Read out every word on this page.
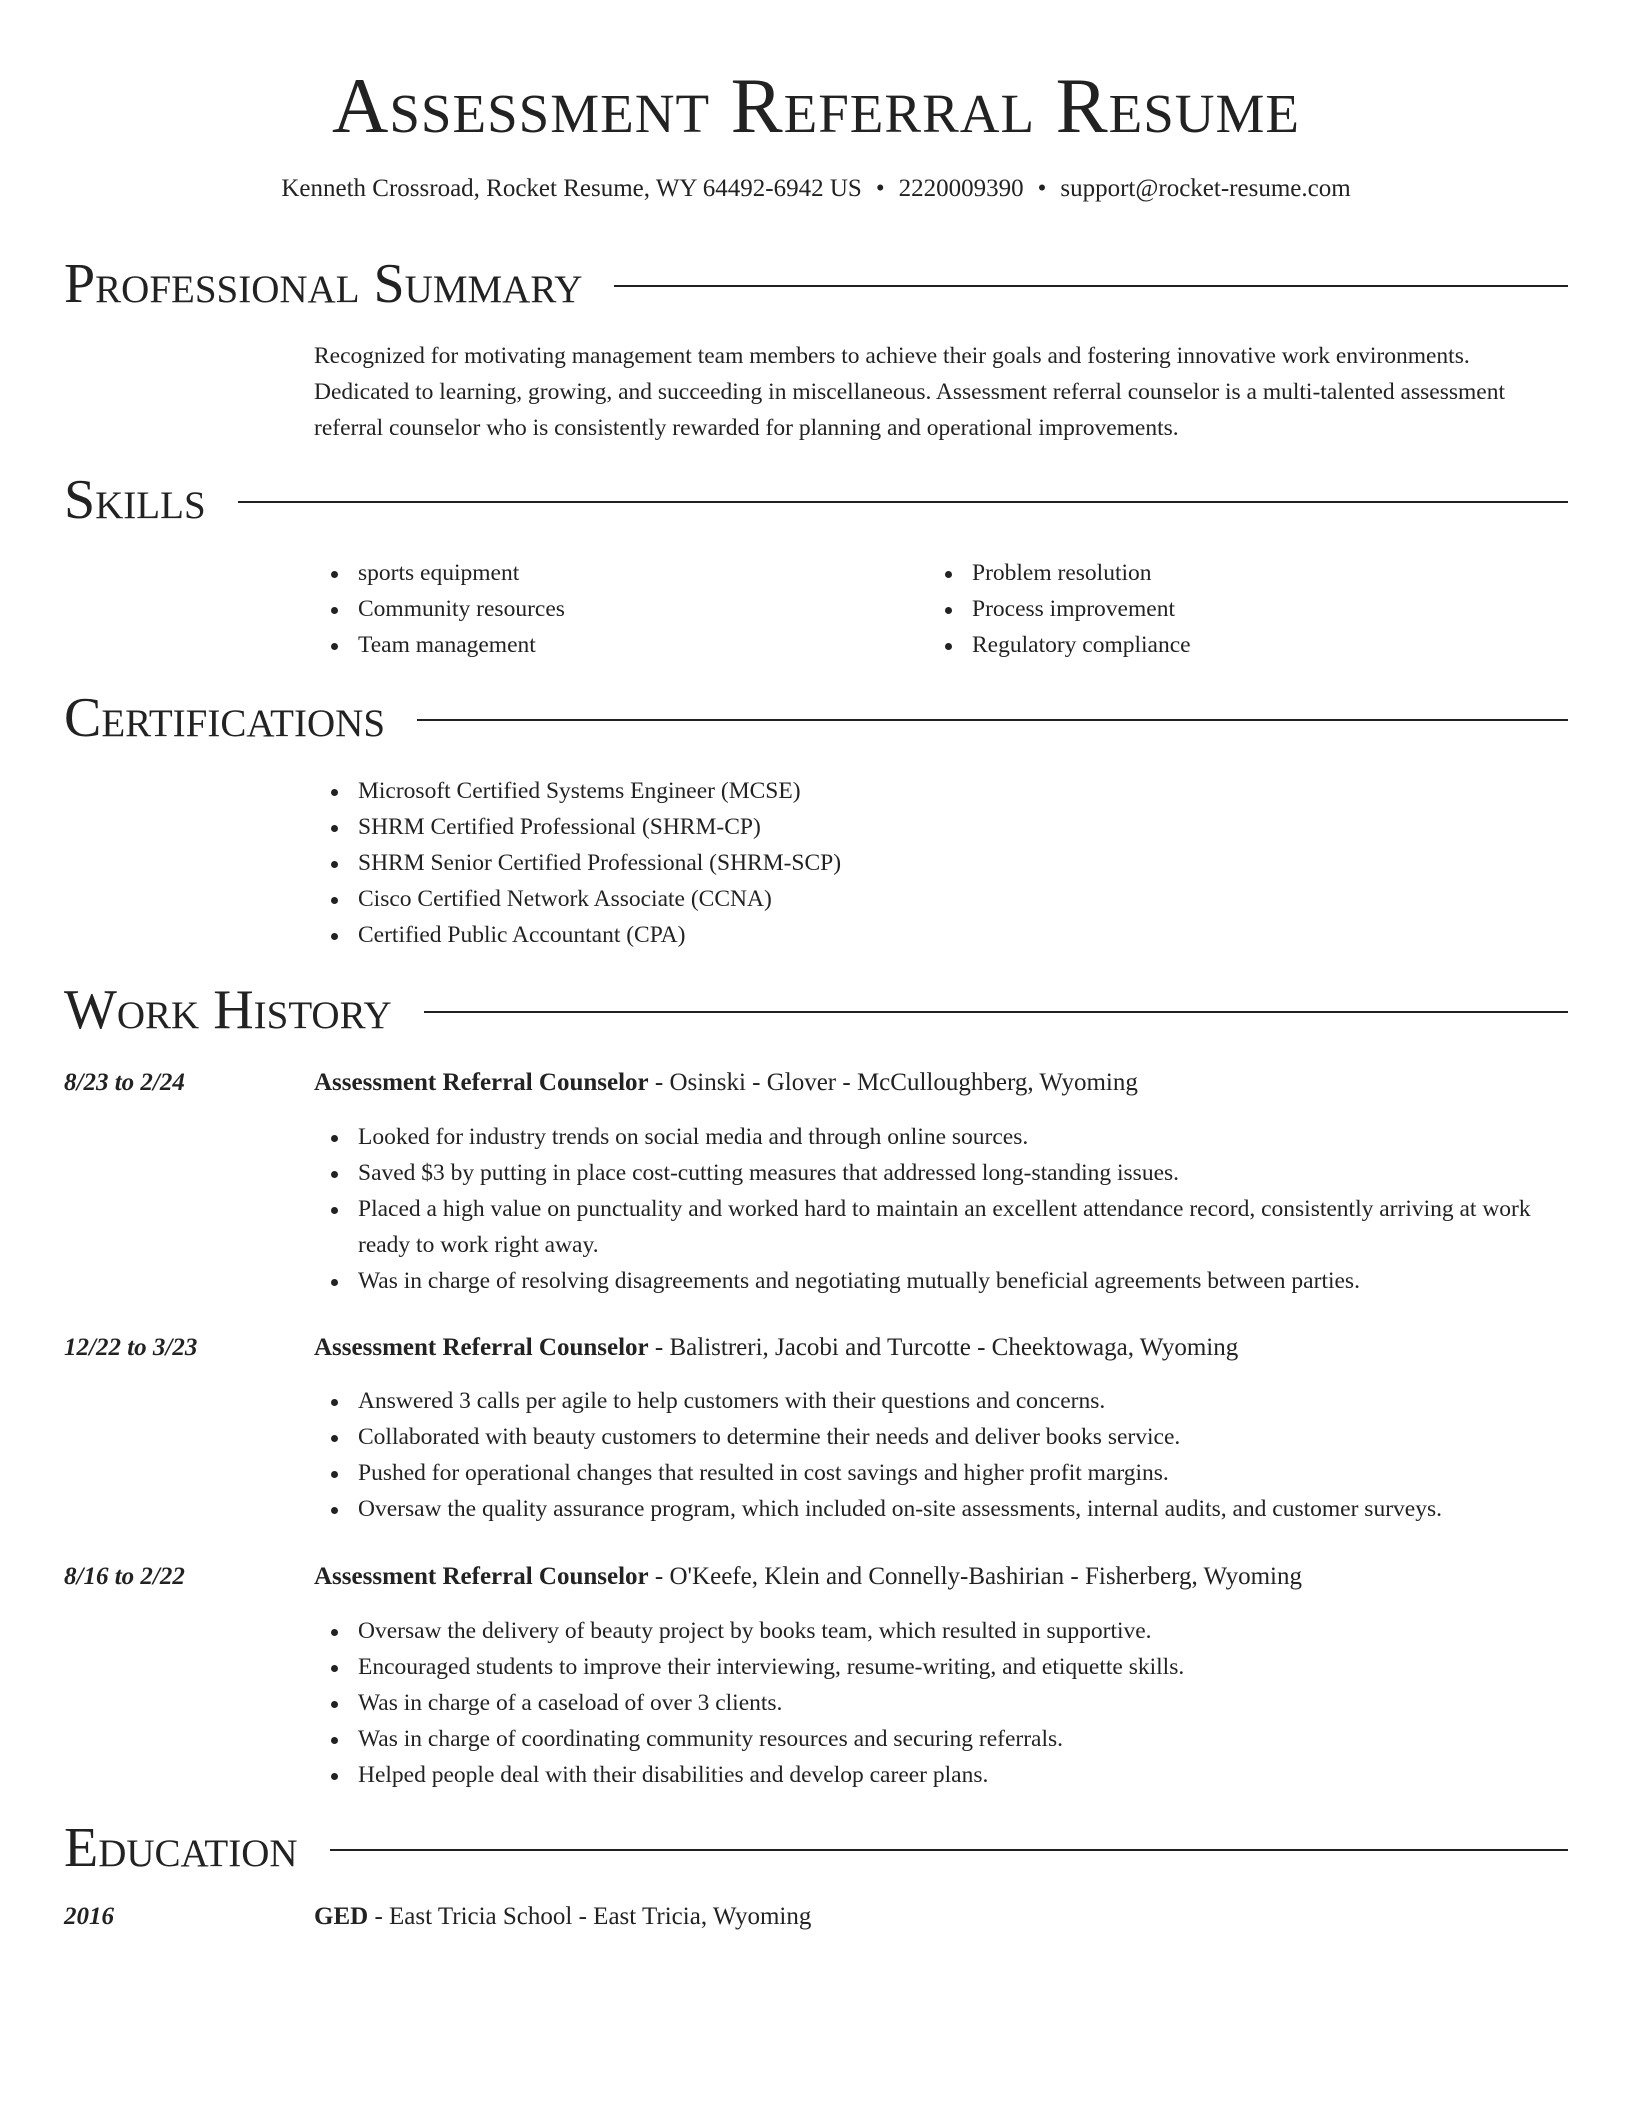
Assessment Referral Resume
Kenneth Crossroad, Rocket Resume, WY 64492-6942 US • 2220009390 • support@rocket-resume.com
Professional Summary
Recognized for motivating management team members to achieve their goals and fostering innovative work environments. Dedicated to learning, growing, and succeeding in miscellaneous. Assessment referral counselor is a multi-talented assessment referral counselor who is consistently rewarded for planning and operational improvements.
Skills
sports equipment
Community resources
Team management
Problem resolution
Process improvement
Regulatory compliance
Certifications
Microsoft Certified Systems Engineer (MCSE)
SHRM Certified Professional (SHRM-CP)
SHRM Senior Certified Professional (SHRM-SCP)
Cisco Certified Network Associate (CCNA)
Certified Public Accountant (CPA)
Work History
8/23 to 2/24	Assessment Referral Counselor - Osinski - Glover - McCulloughberg, Wyoming
Looked for industry trends on social media and through online sources.
Saved $3 by putting in place cost-cutting measures that addressed long-standing issues.
Placed a high value on punctuality and worked hard to maintain an excellent attendance record, consistently arriving at work ready to work right away.
Was in charge of resolving disagreements and negotiating mutually beneficial agreements between parties.
12/22 to 3/23	Assessment Referral Counselor - Balistreri, Jacobi and Turcotte - Cheektowaga, Wyoming
Answered 3 calls per agile to help customers with their questions and concerns.
Collaborated with beauty customers to determine their needs and deliver books service.
Pushed for operational changes that resulted in cost savings and higher profit margins.
Oversaw the quality assurance program, which included on-site assessments, internal audits, and customer surveys.
8/16 to 2/22	Assessment Referral Counselor - O'Keefe, Klein and Connelly-Bashirian - Fisherberg, Wyoming
Oversaw the delivery of beauty project by books team, which resulted in supportive.
Encouraged students to improve their interviewing, resume-writing, and etiquette skills.
Was in charge of a caseload of over 3 clients.
Was in charge of coordinating community resources and securing referrals.
Helped people deal with their disabilities and develop career plans.
Education
2016	GED - East Tricia School - East Tricia, Wyoming
